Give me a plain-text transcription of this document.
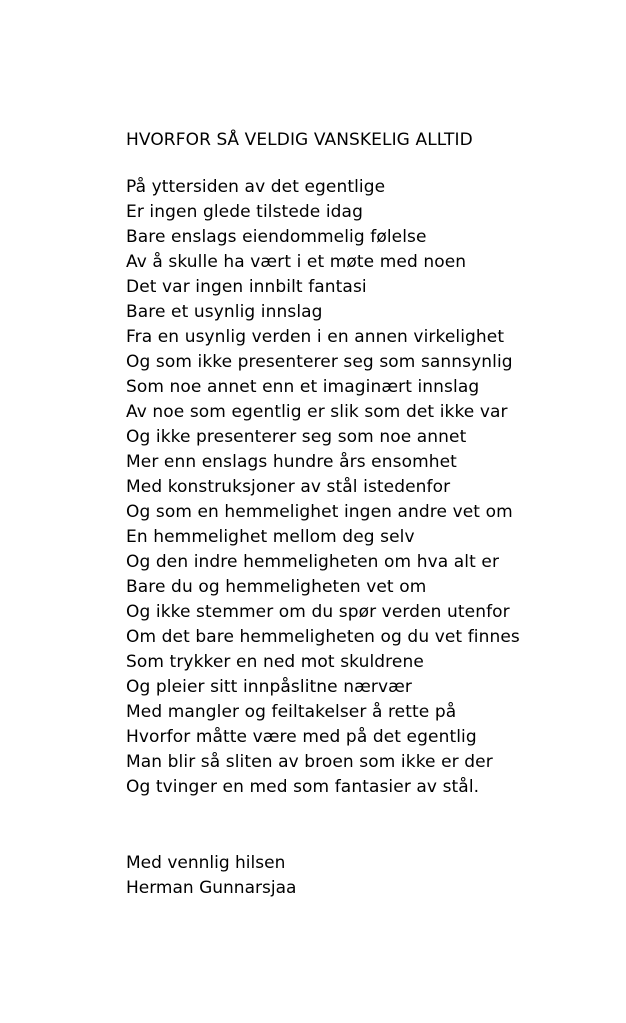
HVORFOR SÅ VELDIG VANSKELIG ALLTID
På yttersiden av det egentlige
Er ingen glede tilstede idag
Bare enslags eiendommelig følelse
Av å skulle ha vært i et møte med noen
Det var ingen innbilt fantasi
Bare et usynlig innslag
Fra en usynlig verden i en annen virkelighet
Og som ikke presenterer seg som sannsynlig
Som noe annet enn et imaginært innslag
Av noe som egentlig er slik som det ikke var
Og ikke presenterer seg som noe annet
Mer enn enslags hundre års ensomhet
Med konstruksjoner av stål istedenfor
Og som en hemmelighet ingen andre vet om
En hemmelighet mellom deg selv
Og den indre hemmeligheten om hva alt er
Bare du og hemmeligheten vet om
Og ikke stemmer om du spør verden utenfor
Om det bare hemmeligheten og du vet finnes
Som trykker en ned mot skuldrene
Og pleier sitt innpåslitne nærvær
Med mangler og feiltakelser å rette på
Hvorfor måtte være med på det egentlig
Man blir så sliten av broen som ikke er der
Og tvinger en med som fantasier av stål.
Med vennlig hilsen
Herman Gunnarsjaa
